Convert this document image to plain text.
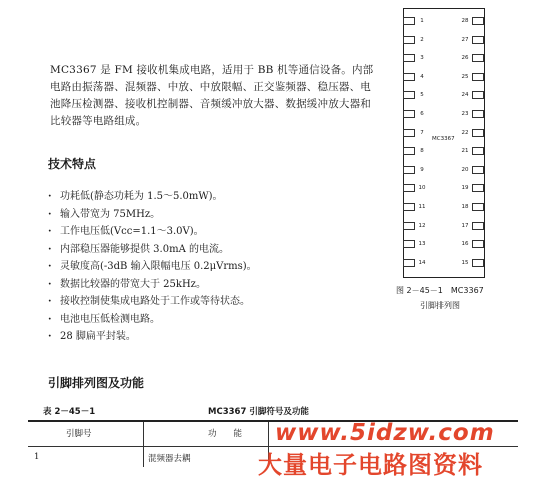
MC3367 是 FM 接收机集成电路，适用于 BB 机等通信设备。内部电路由振荡器、混频器、中放、中放限幅、正交鉴频器、稳压器、电池降压检测器、接收机控制器、音频缓冲放大器、数据缓冲放大器和比较器等电路组成。
技术特点
· 功耗低(静态功耗为 1.5～5.0mW)。
· 输入带宽为 75MHz。
· 工作电压低(Vcc=1.1～3.0V)。
· 内部稳压器能够提供 3.0mA 的电流。
· 灵敏度高(-3dB 输入限幅电压 0.2μVrms)。
· 数据比较器的带宽大于 25kHz。
· 接收控制使集成电路处于工作或等待状态。
· 电池电压低检测电路。
· 28 脚扁平封装。
引脚排列图及功能
MC3367
1
2
3
4
5
6
7
8
9
10
11
12
13
14
28
27
26
25
24
23
22
21
20
19
18
17
16
15
图 2－45－1　MC3367
引脚排列图
表 2－45－1	MC3367 引脚符号及功能
引脚号	功　　能
1	混频器去耦
www.5idzw.com
大量电子电路图资料
